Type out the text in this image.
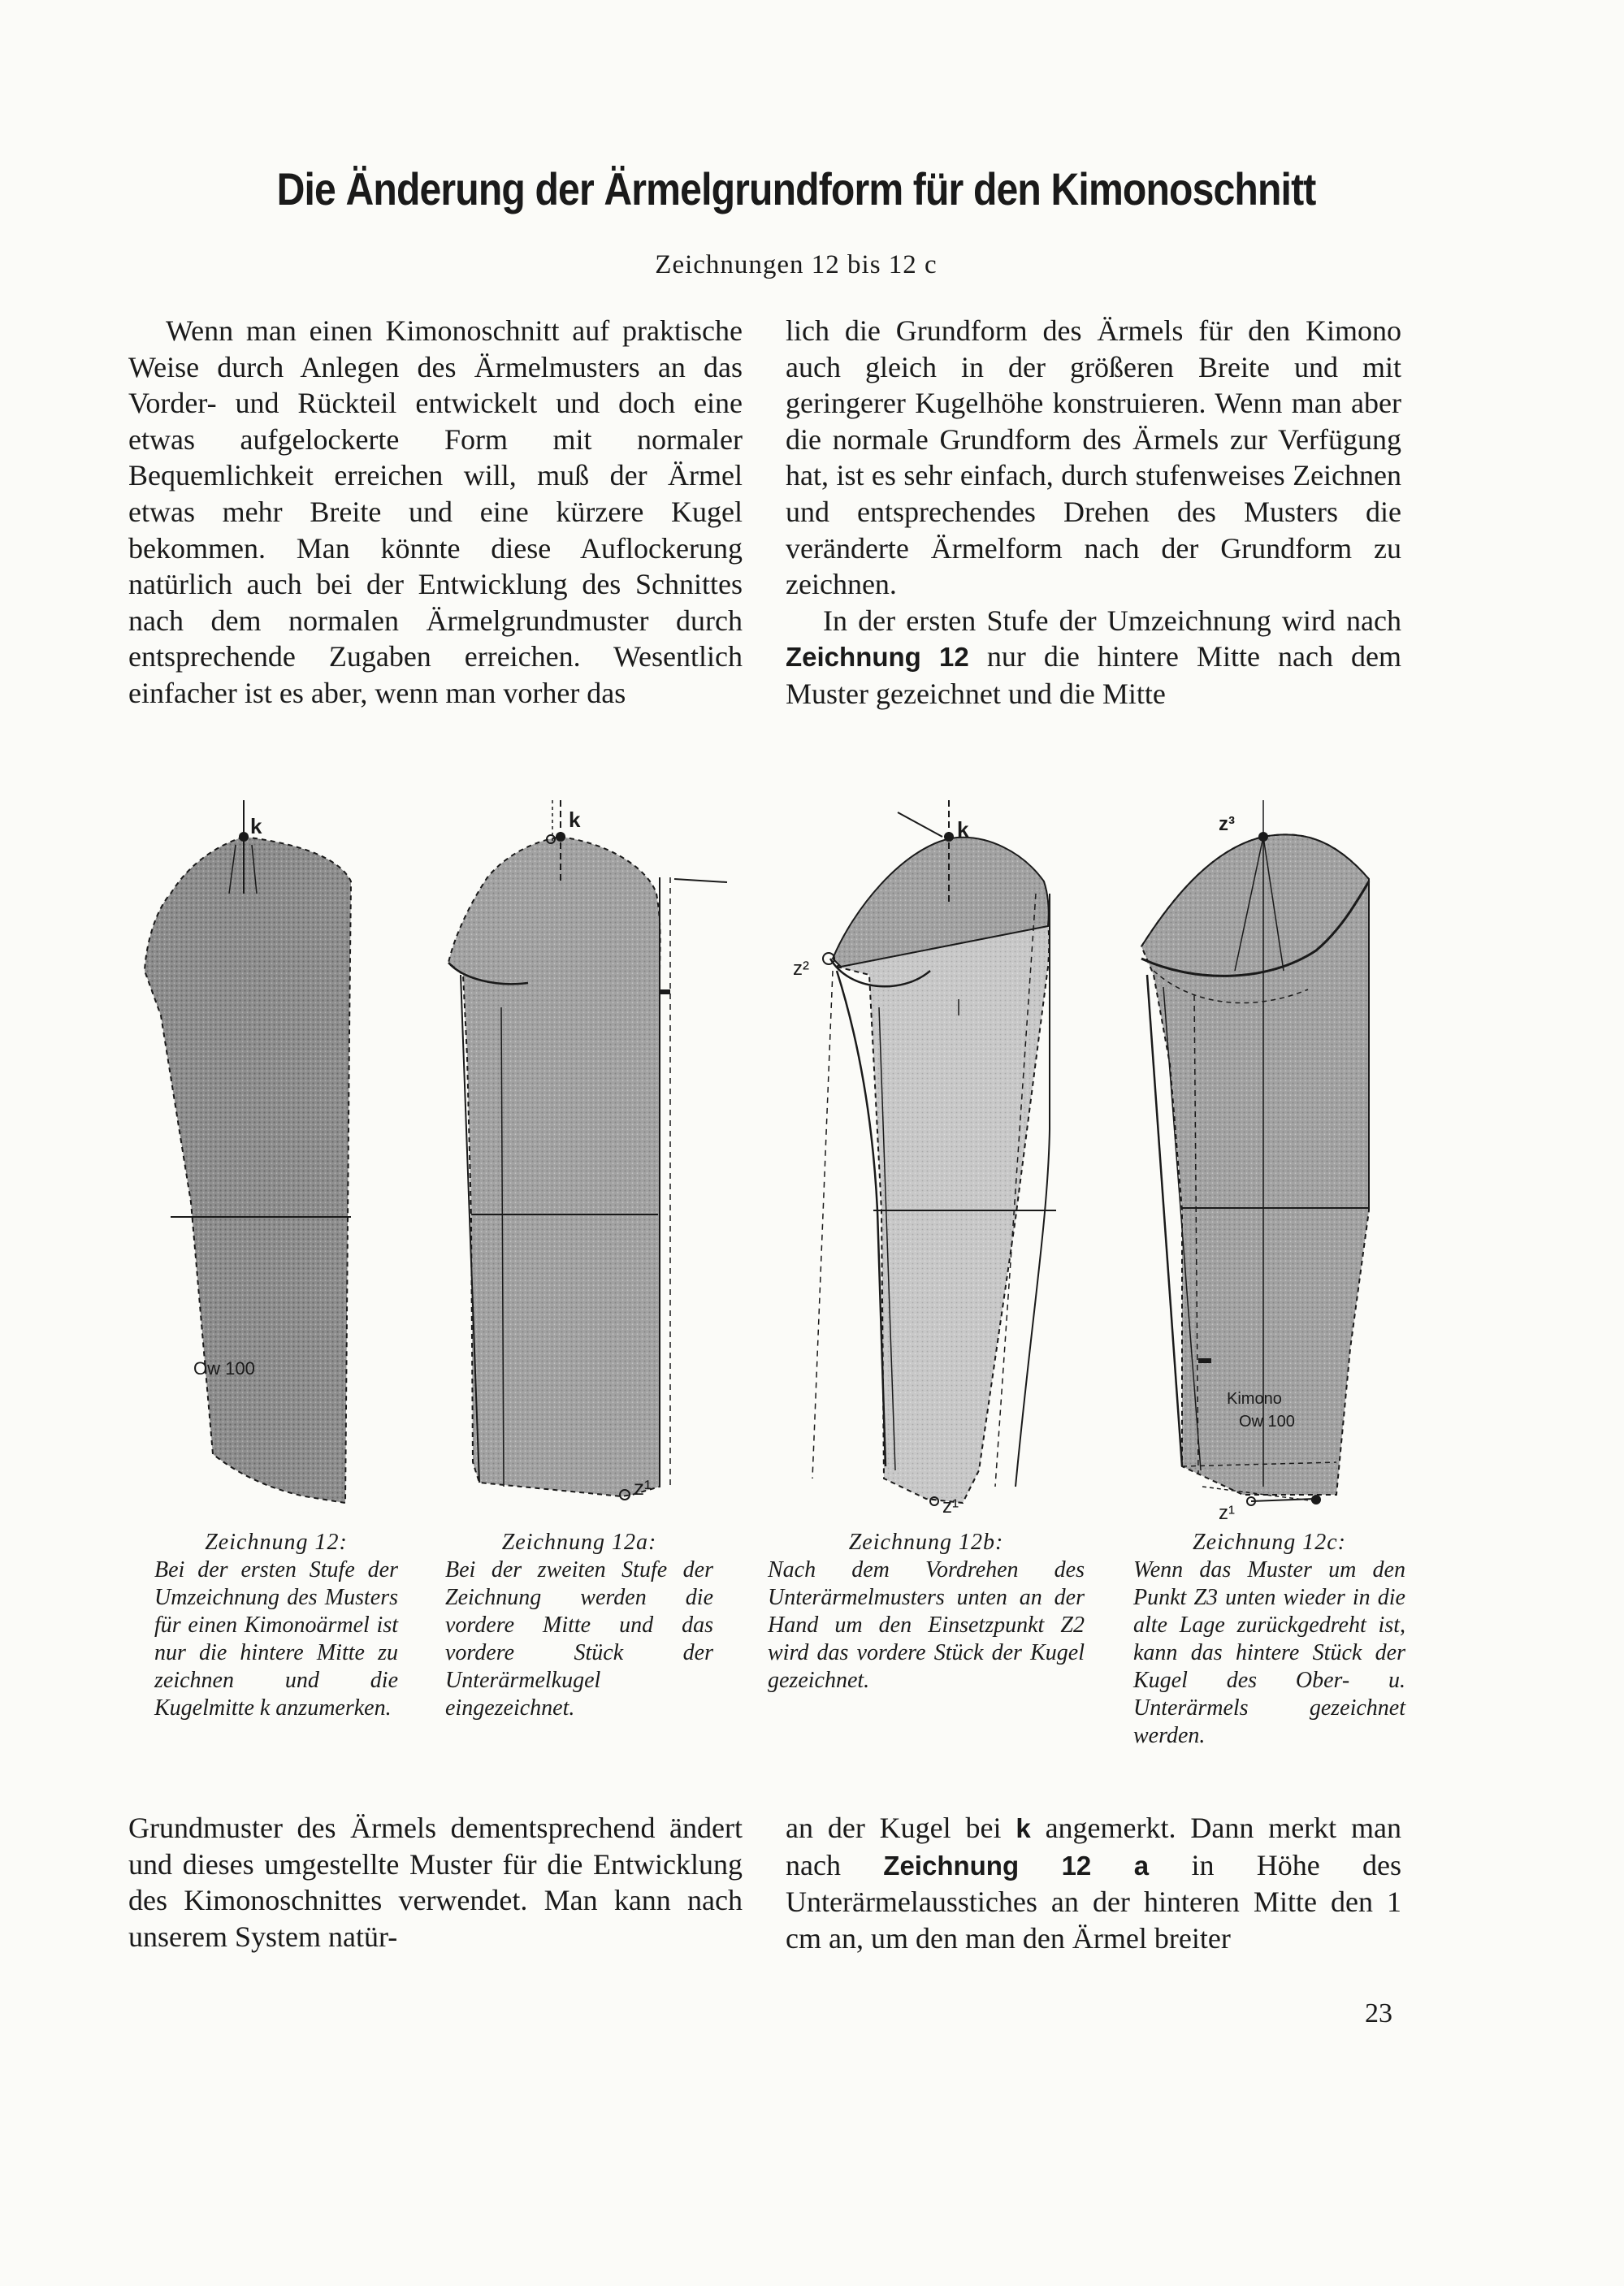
Die Änderung der Ärmelgrundform für den Kimonoschnitt
Zeichnungen 12 bis 12 c

Wenn man einen Kimonoschnitt auf praktische Weise durch Anlegen des Ärmelmusters an das Vorder- und Rückteil entwickelt und doch eine etwas aufgelockerte Form mit normaler Bequemlichkeit erreichen will, muß der Ärmel etwas mehr Breite und eine kürzere Kugel bekommen. Man könnte diese Auflockerung natürlich auch bei der Entwicklung des Schnittes nach dem normalen Ärmelgrundmuster durch entsprechende Zugaben erreichen. Wesentlich einfacher ist es aber, wenn man vorher das

lich die Grundform des Ärmels für den Kimono auch gleich in der größeren Breite und mit geringerer Kugelhöhe konstruieren. Wenn man aber die normale Grundform des Ärmels zur Verfügung hat, ist es sehr einfach, durch stufenweises Zeichnen und entsprechendes Drehen des Musters die veränderte Ärmelform nach der Grundform zu zeichnen.

In der ersten Stufe der Umzeichnung wird nach Zeichnung 12 nur die hintere Mitte nach dem Muster gezeichnet und die Mitte

k
Ow 100
k
z¹
k
z²
z¹
z³
Kimono
Ow 100
z¹
Zeichnung 12:
Bei der ersten Stufe der Umzeichnung des Musters für einen Kimonoärmel ist nur die hintere Mitte zu zeichnen und die Kugelmitte k anzumerken.
Zeichnung 12a:
Bei der zweiten Stufe der Zeichnung werden die vordere Mitte und das vordere Stück der Unterärmelkugel eingezeichnet.
Zeichnung 12b:
Nach dem Vordrehen des Unterärmelmusters unten an der Hand um den Einsetzpunkt Z2 wird das vordere Stück der Kugel gezeichnet.
Zeichnung 12c:
Wenn das Muster um den Punkt Z3 unten wieder in die alte Lage zurückgedreht ist, kann das hintere Stück der Kugel des Ober- u. Unterärmels gezeichnet werden.

Grundmuster des Ärmels dementsprechend ändert und dieses umgestellte Muster für die Entwicklung des Kimonoschnittes verwendet. Man kann nach unserem System natür-

an der Kugel bei k angemerkt. Dann merkt man nach Zeichnung 12 a in Höhe des Unterärmelausstiches an der hinteren Mitte den 1 cm an, um den man den Ärmel breiter

23
